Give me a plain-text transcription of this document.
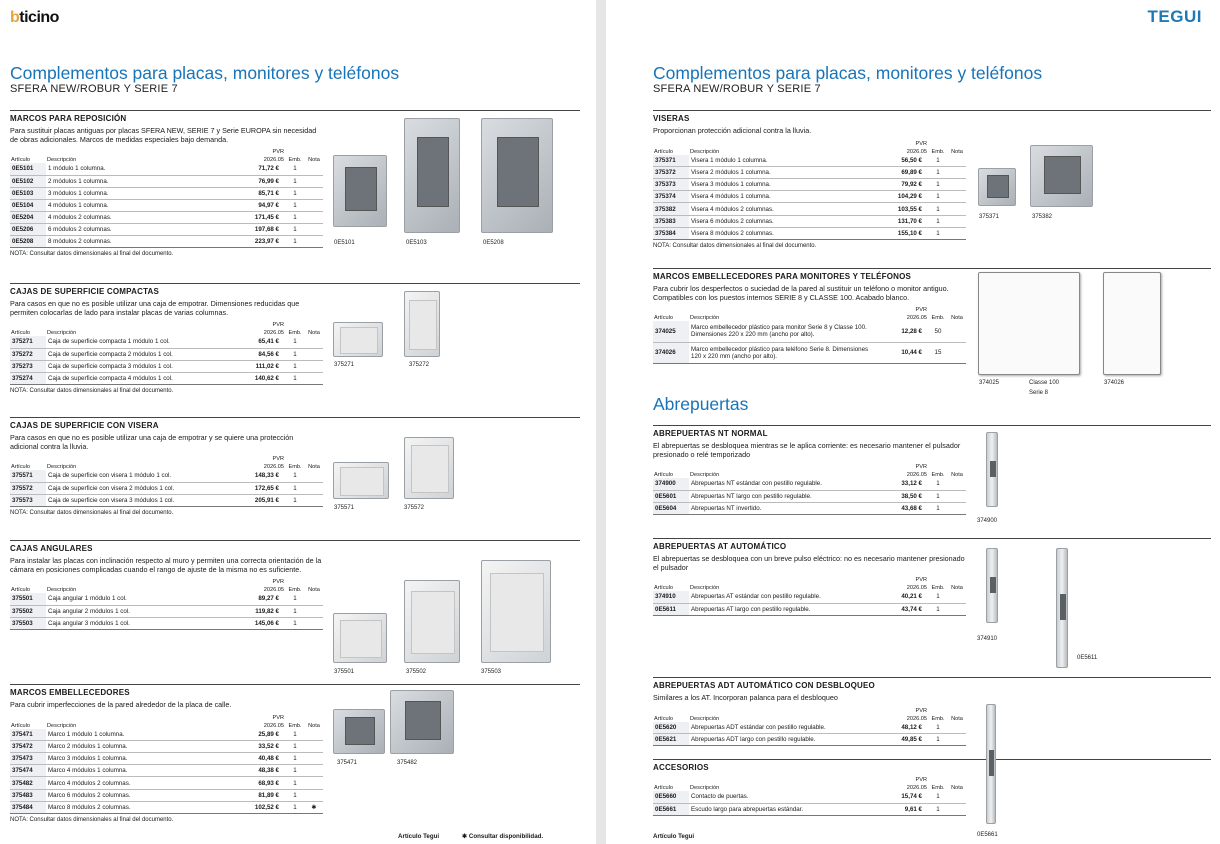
bticino
Complementos para placas, monitores y teléfonos
SFERA NEW/ROBUR Y SERIE 7
MARCOS PARA REPOSICIÓN
Para sustituir placas antiguas por placas SFERA NEW, SERIE 7 y Serie EUROPA sin necesidad de obras adicionales. Marcos de medidas especiales bajo demanda.
		PVR		
Artículo	Descripción	2026.05	Emb.	Nota
0E5101	1 módulo 1 columna.	71,72 €	1	
0E5102	2 módulos 1 columna.	76,99 €	1	
0E5103	3 módulos 1 columna.	85,71 €	1	
0E5104	4 módulos 1 columna.	94,97 €	1	
0E5204	4 módulos 2 columnas.	171,45 €	1	
0E5206	6 módulos 2 columnas.	197,68 €	1	
0E5208	8 módulos 2 columnas.	223,97 €	1	
NOTA: Consultar datos dimensionales al final del documento.
CAJAS DE SUPERFICIE COMPACTAS
Para casos en que no es posible utilizar una caja de empotrar. Dimensiones reducidas que permiten colocarlas de lado para instalar placas de varias columnas.
		PVR		
Artículo	Descripción	2026.05	Emb.	Nota
375271	Caja de superficie compacta 1 módulo 1 col.	65,41 €	1	
375272	Caja de superficie compacta 2 módulos 1 col.	84,56 €	1	
375273	Caja de superficie compacta 3 módulos 1 col.	111,02 €	1	
375274	Caja de superficie compacta 4 módulos 1 col.	140,62 €	1	
NOTA: Consultar datos dimensionales al final del documento.
CAJAS DE SUPERFICIE CON VISERA
Para casos en que no es posible utilizar una caja de empotrar y se quiere una protección adicional contra la lluvia.
		PVR		
Artículo	Descripción	2026.05	Emb.	Nota
375571	Caja de superficie con visera 1 módulo 1 col.	148,33 €	1	
375572	Caja de superficie con visera 2 módulos 1 col.	172,65 €	1	
375573	Caja de superficie con visera 3 módulos 1 col.	205,91 €	1	
NOTA: Consultar datos dimensionales al final del documento.
CAJAS ANGULARES
Para instalar las placas con inclinación respecto al muro y permiten una correcta orientación de la cámara en posiciones complicadas cuando el rango de ajuste de la misma no es suficiente.
		PVR		
Artículo	Descripción	2026.05	Emb.	Nota
375501	Caja angular 1 módulo 1 col.	89,27 €	1	
375502	Caja angular 2 módulos 1 col.	119,82 €	1	
375503	Caja angular 3 módulos 1 col.	145,06 €	1	
MARCOS EMBELLECEDORES
Para cubrir imperfecciones de la pared alrededor de la placa de calle.
		PVR		
Artículo	Descripción	2026.05	Emb.	Nota
375471	Marco 1 módulo 1 columna.	25,89 €	1	
375472	Marco 2 módulos 1 columna.	33,52 €	1	
375473	Marco 3 módulos 1 columna.	40,48 €	1	
375474	Marco 4 módulos 1 columna.	48,38 €	1	
375482	Marco 4 módulos 2 columnas.	68,93 €	1	
375483	Marco 6 módulos 2 columnas.	81,89 €	1	
375484	Marco 8 módulos 2 columnas.	102,52 €	1	✱
NOTA: Consultar datos dimensionales al final del documento.
Artículo Tegui	✱ Consultar disponibilidad.
0E5101	0E5103	0E5208
375271	375272
375571	375572
375501	375502	375503
375471	375482
TEGUI
Complementos para placas, monitores y teléfonos
SFERA NEW/ROBUR Y SERIE 7
Abrepuertas
VISERAS
Proporcionan protección adicional contra la lluvia.
		PVR		
Artículo	Descripción	2026.05	Emb.	Nota
375371	Visera 1 módulo 1 columna.	56,50 €	1	
375372	Visera 2 módulos 1 columna.	69,89 €	1	
375373	Visera 3 módulos 1 columna.	79,92 €	1	
375374	Visera 4 módulos 1 columna.	104,29 €	1	
375382	Visera 4 módulos 2 columnas.	103,55 €	1	
375383	Visera 6 módulos 2 columnas.	131,70 €	1	
375384	Visera 8 módulos 2 columnas.	155,10 €	1	
NOTA: Consultar datos dimensionales al final del documento.
MARCOS EMBELLECEDORES PARA MONITORES Y TELÉFONOS
Para cubrir los desperfectos o suciedad de la pared al sustituir un teléfono o monitor antiguo. Compatibles con los puestos internos SERIE 8 y CLASSE 100. Acabado blanco.
		PVR		
Artículo	Descripción	2026.05	Emb.	Nota
374025	Marco embellecedor plástico para monitor Serie 8 y Classe 100. Dimensiones 220 x 220 mm (ancho por alto).	12,28 €	50	
374026	Marco embellecedor plástico para teléfono Serie 8. Dimensiones 120 x 220 mm (ancho por alto).	10,44 €	15	
ABREPUERTAS NT NORMAL
El abrepuertas se desbloquea mientras se le aplica corriente: es necesario mantener el pulsador presionado o relé temporizado
		PVR		
Artículo	Descripción	2026.05	Emb.	Nota
374900	Abrepuertas NT estándar con pestillo regulable.	33,12 €	1	
0E5601	Abrepuertas NT largo con pestillo regulable.	38,50 €	1	
0E5604	Abrepuertas NT invertido.	43,68 €	1	
ABREPUERTAS AT AUTOMÁTICO
El abrepuertas se desbloquea con un breve pulso eléctrico: no es necesario mantener presionado el pulsador
		PVR		
Artículo	Descripción	2026.05	Emb.	Nota
374910	Abrepuertas AT estándar con pestillo regulable.	40,21 €	1	
0E5611	Abrepuertas AT largo con pestillo regulable.	43,74 €	1	
ABREPUERTAS ADT AUTOMÁTICO CON DESBLOQUEO
Similares a los AT. Incorporan palanca para el desbloqueo
		PVR		
Artículo	Descripción	2026.05	Emb.	Nota
0E5620	Abrepuertas ADT estándar con pestillo regulable.	48,12 €	1	
0E5621	Abrepuertas ADT largo con pestillo regulable.	49,85 €	1	
ACCESORIOS
		PVR		
Artículo	Descripción	2026.05	Emb.	Nota
0E5660	Contacto de puertas.	15,74 €	1	
0E5661	Escudo largo para abrepuertas estándar.	9,61 €	1	
Artículo Tegui
375371	375382
374025	374026
Classe 100
Serie 8
374900
374910
0E5611
0E5661
